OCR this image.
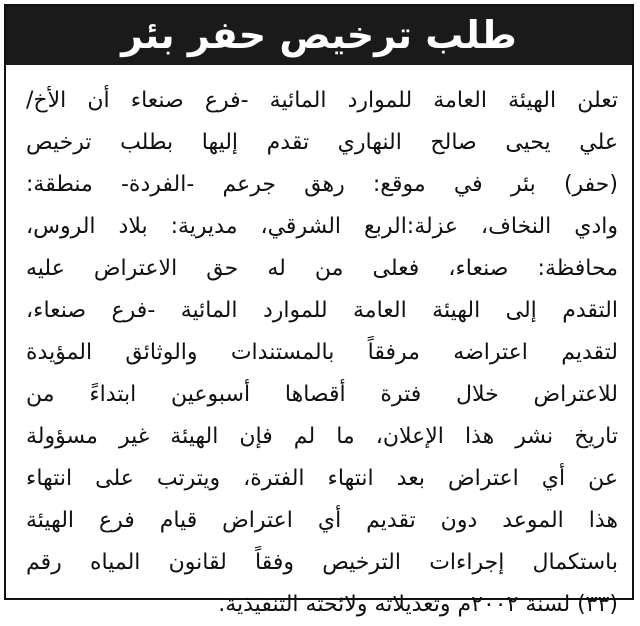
طلب ترخيص حفر بئر
تعلن الهيئة العامة للموارد المائية -فرع صنعاء أن الأخ/
علي يحيى صالح النهاري تقدم إليها بطلب ترخيص
(حفر) بئر في موقع: رهق جرعم -الفردة- منطقة:
وادي النخاف، عزلة:الربع الشرقي، مديرية: بلاد الروس،
محافظة: صنعاء، فعلى من له حق الاعتراض عليه
التقدم إلى الهيئة العامة للموارد المائية -فرع صنعاء،
لتقديم اعتراضه مرفقاً بالمستندات والوثائق المؤيدة
للاعتراض خلال فترة أقصاها أسبوعين ابتداءً من
تاريخ نشر هذا الإعلان، ما لم فإن الهيئة غير مسؤولة
عن أي اعتراض بعد انتهاء الفترة، ويترتب على انتهاء
هذا الموعد دون تقديم أي اعتراض قيام فرع الهيئة
باستكمال إجراءات الترخيص وفقاً لقانون المياه رقم
(٣٣) لسنة ٢٠٠٢م وتعديلاته ولائحته التنفيذية.
